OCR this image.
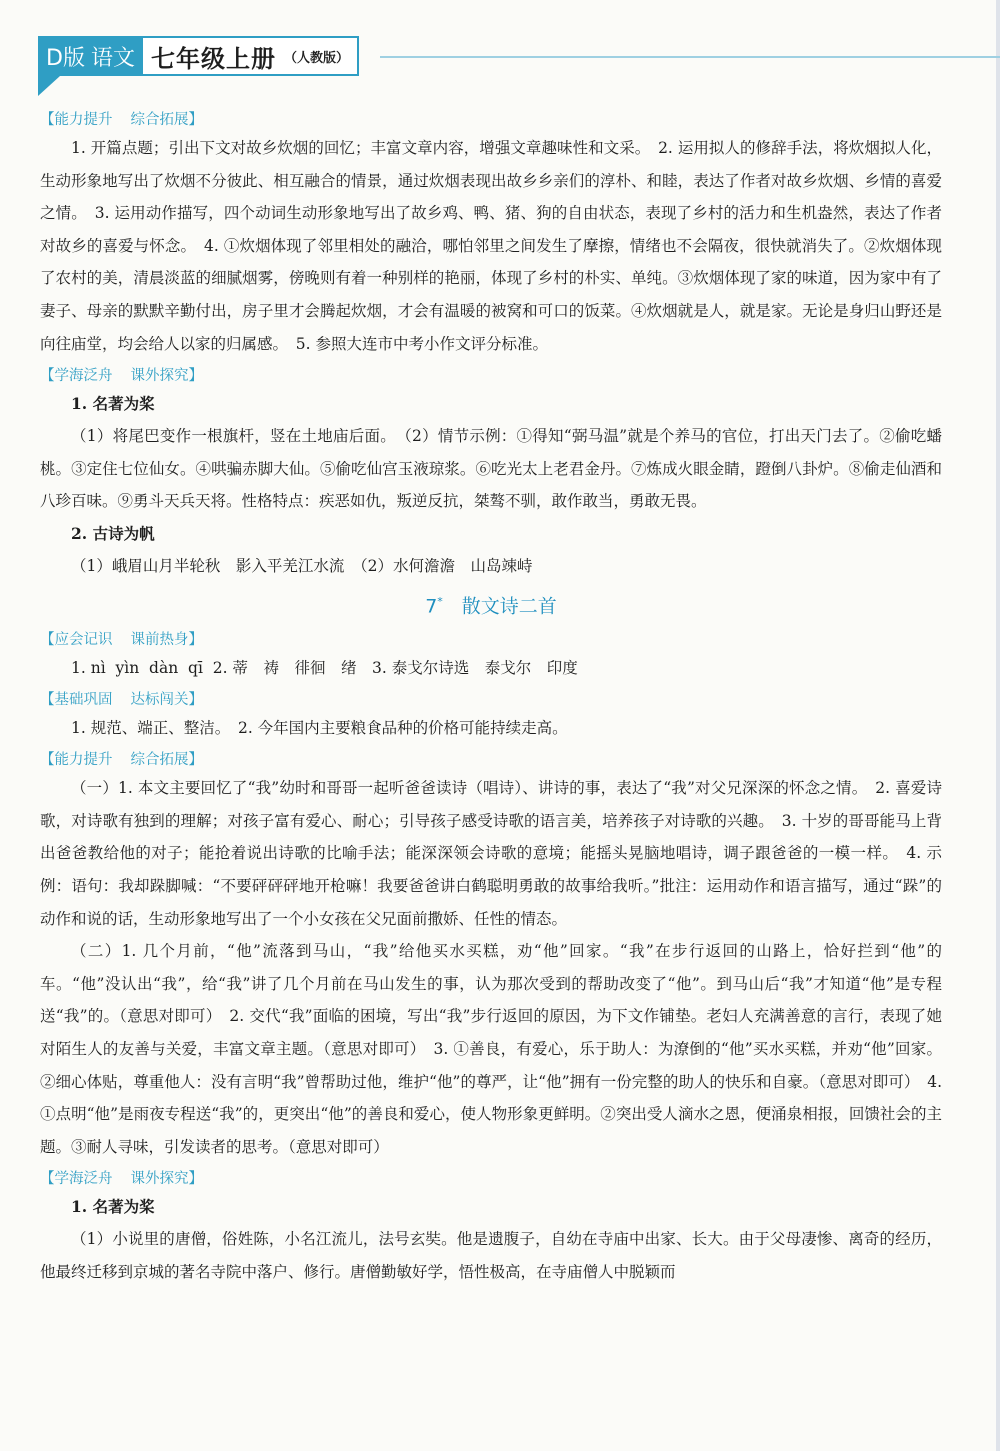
D版 语文 七年级上册 （人教版）
【能力提升 综合拓展】

1. 开篇点题；引出下文对故乡炊烟的回忆；丰富文章内容，增强文章趣味性和文采。　2. 运用拟人的修辞手法，将炊烟拟人化，生动形象地写出了炊烟不分彼此、相互融合的情景，通过炊烟表现出故乡乡亲们的淳朴、和睦，表达了作者对故乡炊烟、乡情的喜爱之情。　3. 运用动作描写，四个动词生动形象地写出了故乡鸡、鸭、猪、狗的自由状态，表现了乡村的活力和生机盎然，表达了作者对故乡的喜爱与怀念。　4. ①炊烟体现了邻里相处的融洽，哪怕邻里之间发生了摩擦，情绪也不会隔夜，很快就消失了。②炊烟体现了农村的美，清晨淡蓝的细腻烟雾，傍晚则有着一种别样的艳丽，体现了乡村的朴实、单纯。③炊烟体现了家的味道，因为家中有了妻子、母亲的默默辛勤付出，房子里才会腾起炊烟，才会有温暖的被窝和可口的饭菜。④炊烟就是人，就是家。无论是身归山野还是向往庙堂，均会给人以家的归属感。　5. 参照大连市中考小作文评分标准。

【学海泛舟 课外探究】
1. 名著为桨

（1）将尾巴变作一根旗杆，竖在土地庙后面。　（2）情节示例：①得知“弼马温”就是个养马的官位，打出天门去了。②偷吃蟠桃。③定住七位仙女。④哄骗赤脚大仙。⑤偷吃仙宫玉液琼浆。⑥吃光太上老君金丹。⑦炼成火眼金睛，蹬倒八卦炉。⑧偷走仙酒和八珍百味。⑨勇斗天兵天将。性格特点：疾恶如仇，叛逆反抗，桀骜不驯，敢作敢当，勇敢无畏。

2. 古诗为帆
（1）峨眉山月半轮秋　影入平羌江水流　（2）水何澹澹　山岛竦峙
7*　 散文诗二首
【应会记识 课前热身】
1. nì  yìn  dàn  qī  2. 蒂　祷　徘徊　绪　3. 泰戈尔诗选　泰戈尔　印度
【基础巩固 达标闯关】
1. 规范、端正、整洁。　2. 今年国内主要粮食品种的价格可能持续走高。
【能力提升 综合拓展】

（一）1. 本文主要回忆了“我”幼时和哥哥一起听爸爸读诗（唱诗）、讲诗的事，表达了“我”对父兄深深的怀念之情。　2. 喜爱诗歌，对诗歌有独到的理解；对孩子富有爱心、耐心；引导孩子感受诗歌的语言美，培养孩子对诗歌的兴趣。　3. 十岁的哥哥能马上背出爸爸教给他的对子；能抢着说出诗歌的比喻手法；能深深领会诗歌的意境；能摇头晃脑地唱诗，调子跟爸爸的一模一样。　4. 示例：语句：我却跺脚喊：“不要砰砰砰地开枪嘛！我要爸爸讲白鹤聪明勇敢的故事给我听。”批注：运用动作和语言描写，通过“跺”的动作和说的话，生动形象地写出了一个小女孩在父兄面前撒娇、任性的情态。

（二）1. 几个月前，“他”流落到马山，“我”给他买水买糕，劝“他”回家。“我”在步行返回的山路上，恰好拦到“他”的车。“他”没认出“我”，给“我”讲了几个月前在马山发生的事，认为那次受到的帮助改变了“他”。到马山后“我”才知道“他”是专程送“我”的。（意思对即可）　2. 交代“我”面临的困境，写出“我”步行返回的原因，为下文作铺垫。老妇人充满善意的言行，表现了她对陌生人的友善与关爱，丰富文章主题。（意思对即可）　3. ①善良，有爱心，乐于助人：为潦倒的“他”买水买糕，并劝“他”回家。②细心体贴，尊重他人：没有言明“我”曾帮助过他，维护“他”的尊严，让“他”拥有一份完整的助人的快乐和自豪。（意思对即可）　4. ①点明“他”是雨夜专程送“我”的，更突出“他”的善良和爱心，使人物形象更鲜明。②突出受人滴水之恩，便涌泉相报，回馈社会的主题。③耐人寻味，引发读者的思考。（意思对即可）

【学海泛舟 课外探究】
1. 名著为桨

（1）小说里的唐僧，俗姓陈，小名江流儿，法号玄奘。他是遗腹子，自幼在寺庙中出家、长大。由于父母凄惨、离奇的经历，他最终迁移到京城的著名寺院中落户、修行。唐僧勤敏好学，悟性极高，在寺庙僧人中脱颖而
